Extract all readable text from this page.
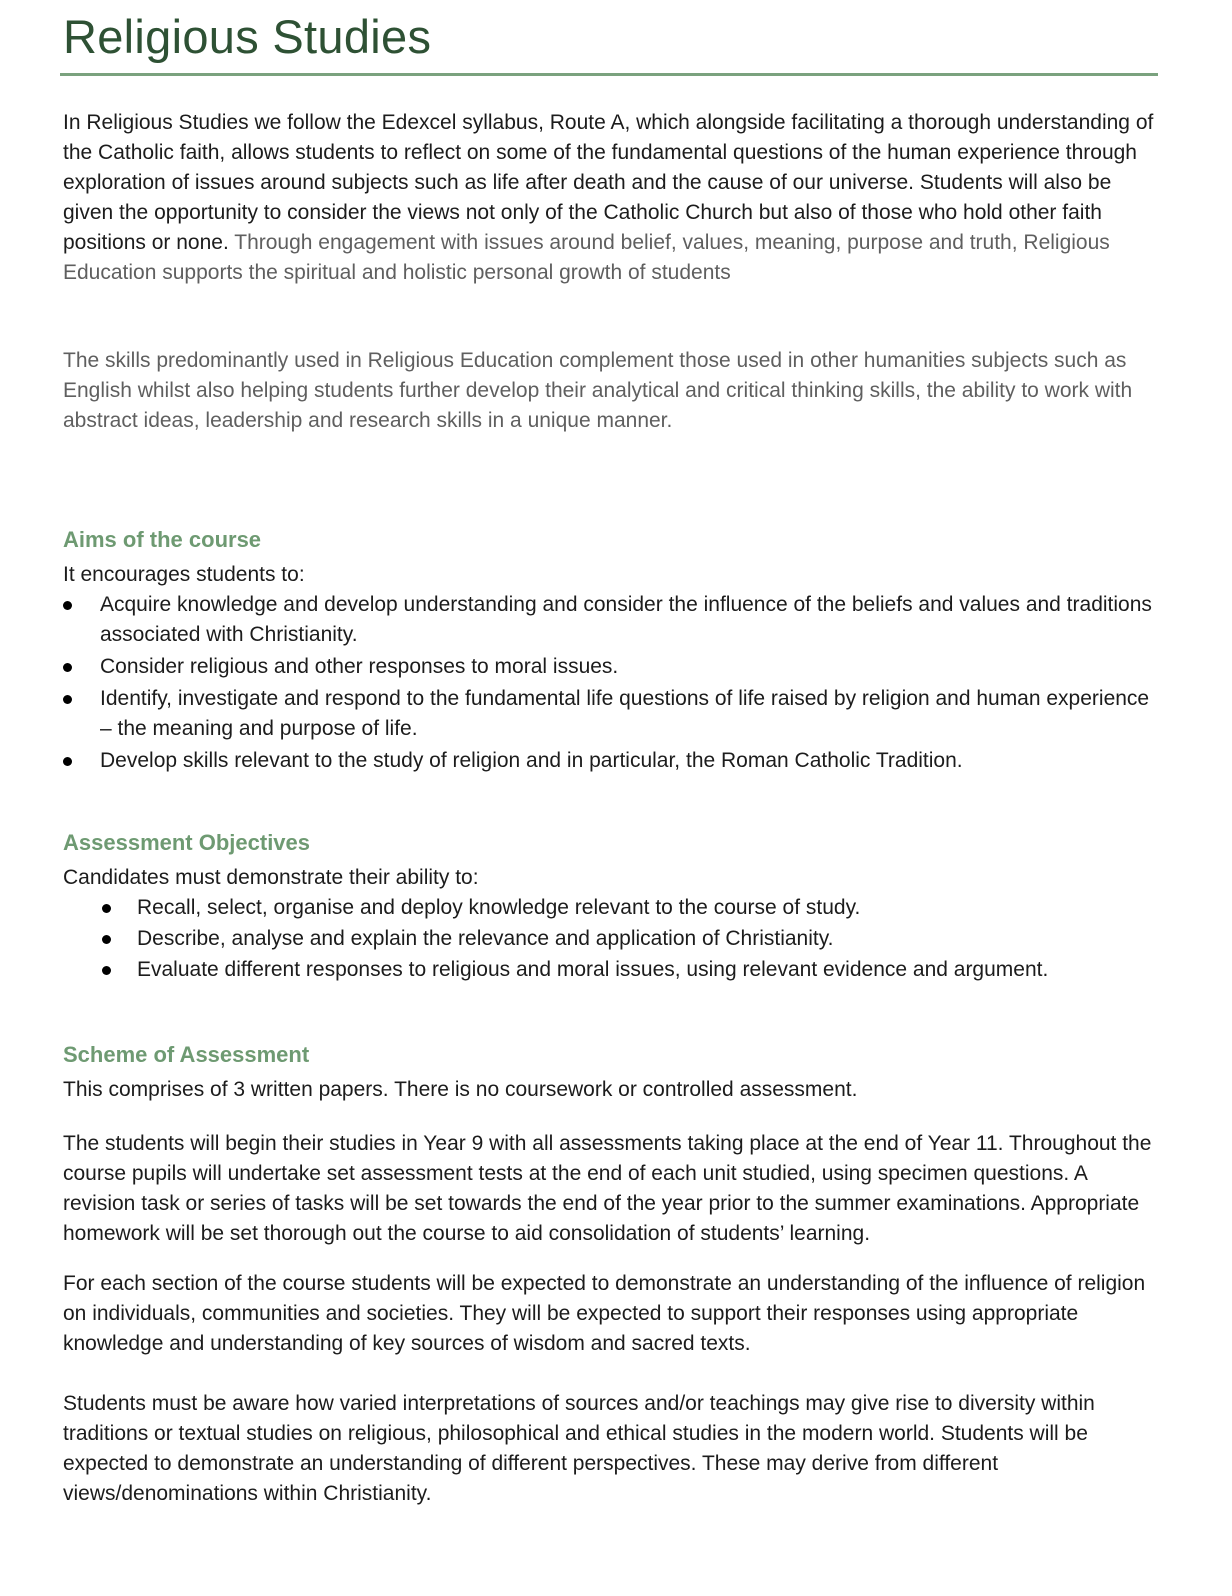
Religious Studies

In Religious Studies we follow the Edexcel syllabus, Route A, which alongside facilitating a thorough understanding of the Catholic faith, allows students to reflect on some of the fundamental questions of the human experience through exploration of issues around subjects such as life after death and the cause of our universe. Students will also be given the opportunity to consider the views not only of the Catholic Church but also of those who hold other faith positions or none. Through engagement with issues around belief, values, meaning, purpose and truth, Religious Education supports the spiritual and holistic personal growth of students

The skills predominantly used in Religious Education complement those used in other humanities subjects such as English whilst also helping students further develop their analytical and critical thinking skills, the ability to work with abstract ideas, leadership and research skills in a unique manner.

Aims of the course

It encourages students to:

Acquire knowledge and develop understanding and consider the influence of the beliefs and values and traditions associated with Christianity.
Consider religious and other responses to moral issues.
Identify, investigate and respond to the fundamental life questions of life raised by religion and human experience – the meaning and purpose of life.
Develop skills relevant to the study of religion and in particular, the Roman Catholic Tradition.
Assessment Objectives

Candidates must demonstrate their ability to:

Recall, select, organise and deploy knowledge relevant to the course of study.
Describe, analyse and explain the relevance and application of Christianity.
Evaluate different responses to religious and moral issues, using relevant evidence and argument.
Scheme of Assessment

This comprises of 3 written papers. There is no coursework or controlled assessment.

The students will begin their studies in Year 9 with all assessments taking place at the end of Year 11. Throughout the course pupils will undertake set assessment tests at the end of each unit studied, using specimen questions. A revision task or series of tasks will be set towards the end of the year prior to the summer examinations. Appropriate homework will be set thorough out the course to aid consolidation of students’ learning.

For each section of the course students will be expected to demonstrate an understanding of the influence of religion on individuals, communities and societies. They will be expected to support their responses using appropriate knowledge and understanding of key sources of wisdom and sacred texts.

Students must be aware how varied interpretations of sources and/or teachings may give rise to diversity within traditions or textual studies on religious, philosophical and ethical studies in the modern world. Students will be expected to demonstrate an understanding of different perspectives. These may derive from different views/denominations within Christianity.
